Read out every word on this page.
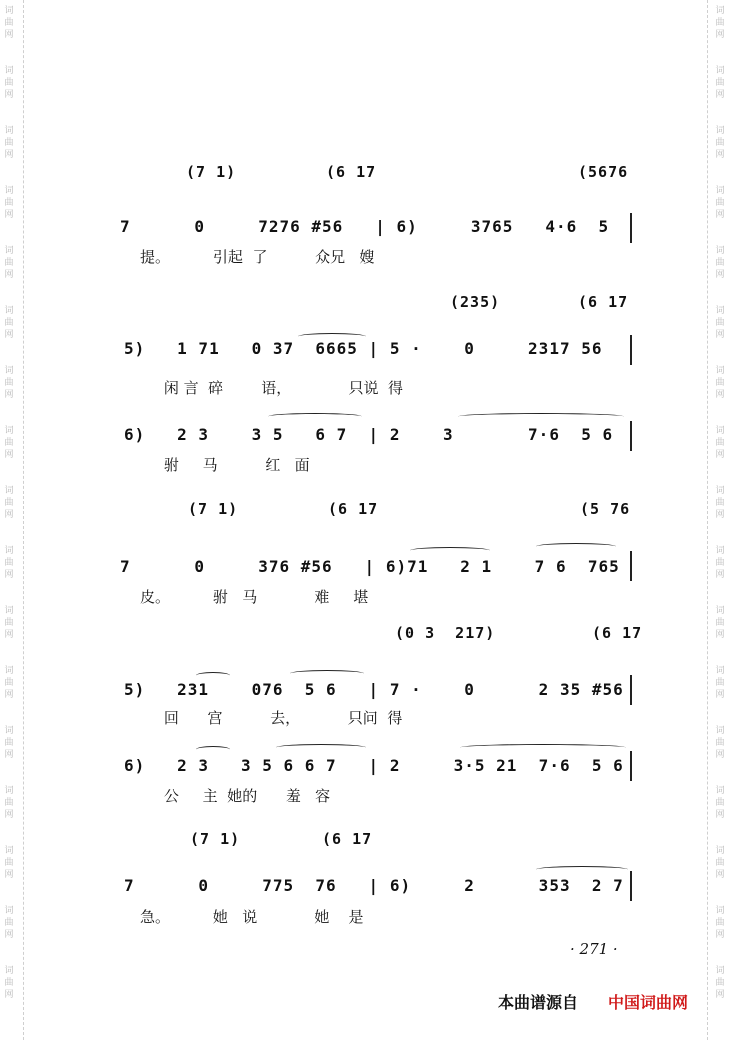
词
曲
网
词
曲
网
词
曲
网
词
曲
网
词
曲
网
词
曲
网
词
曲
网
词
曲
网
词
曲
网
词
曲
网
词
曲
网
词
曲
网
词
曲
网
词
曲
网
词
曲
网
词
曲
网
词
曲
网
词
曲
网
词
曲
网
词
曲
网
词
曲
网
词
曲
网
词
曲
网
词
曲
网
词
曲
网
词
曲
网
词
曲
网
词
曲
网
词
曲
网
词
曲
网
词
曲
网
词
曲
网
词
曲
网
词
曲
网
(7 1)	(6 17	(5676
7      0     7276 #56   | 6)     3765   4·6  5
提。         引起  了          众兄   嫂
(235)	(6 17
5)   1 71   0 37  6665 | 5 ·    0     2317 56
闲 言  碎        语，            只说  得
6)   2 3    3 5   6 7  | 2    3       7·6  5 6
驸     马          红   面
(7 1)	(6 17	(5 76
7      0     376 #56   | 6)71   2 1    7 6  765
皮。         驸   马            难     堪
(0 3  217)	(6 17
5)   231    076  5 6   | 7 ·    0      2 35 #56
回      宫          去，          只问  得
6)   2 3   3 5 6 6 7   | 2     3·5 21  7·6  5 6
公     主  她的      羞   容
(7 1)	(6 17
7      0     775  76   | 6)     2      353  2 7
急。         她   说            她    是
· 271 ·
本曲谱源自 中国词曲网
